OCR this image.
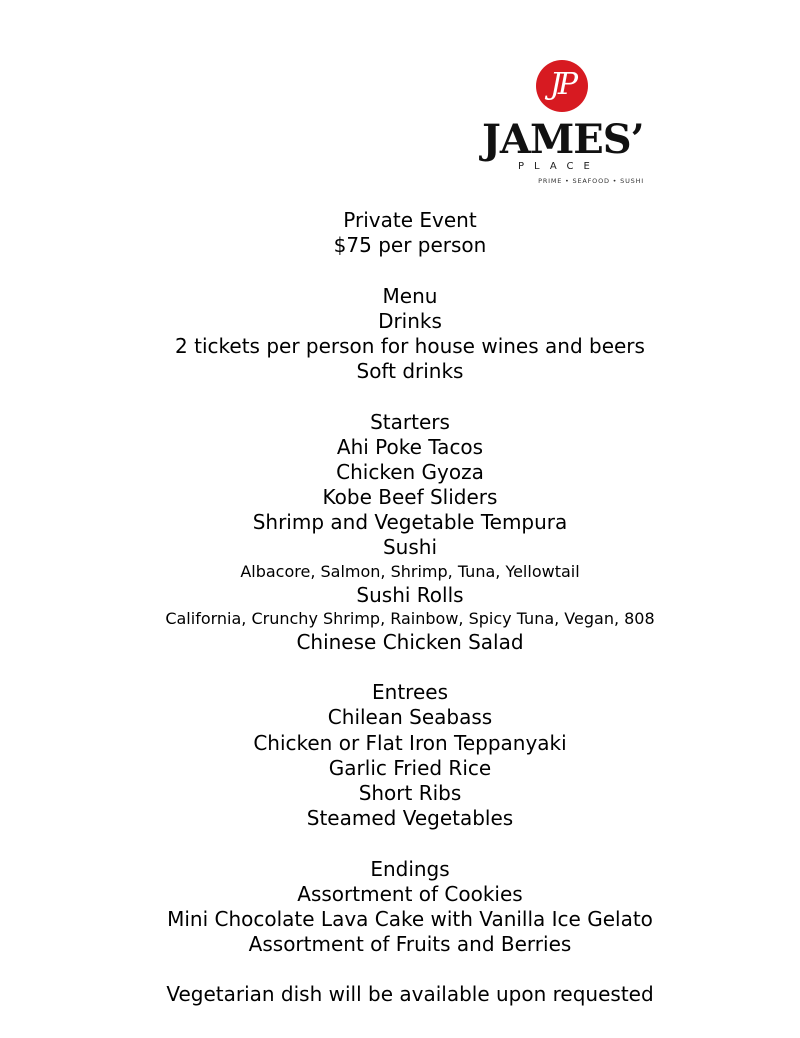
JP
JAMES’
PLACE
PRIME • SEAFOOD • SUSHI
Private Event
$75 per person
Menu
Drinks
2 tickets per person for house wines and beers
Soft drinks
Starters
Ahi Poke Tacos
Chicken Gyoza
Kobe Beef Sliders
Shrimp and Vegetable Tempura
Sushi
Albacore, Salmon, Shrimp, Tuna, Yellowtail
Sushi Rolls
California, Crunchy Shrimp, Rainbow, Spicy Tuna, Vegan, 808
Chinese Chicken Salad
Entrees
Chilean Seabass
Chicken or Flat Iron Teppanyaki
Garlic Fried Rice
Short Ribs
Steamed Vegetables
Endings
Assortment of Cookies
Mini Chocolate Lava Cake with Vanilla Ice Gelato
Assortment of Fruits and Berries
Vegetarian dish will be available upon requested
